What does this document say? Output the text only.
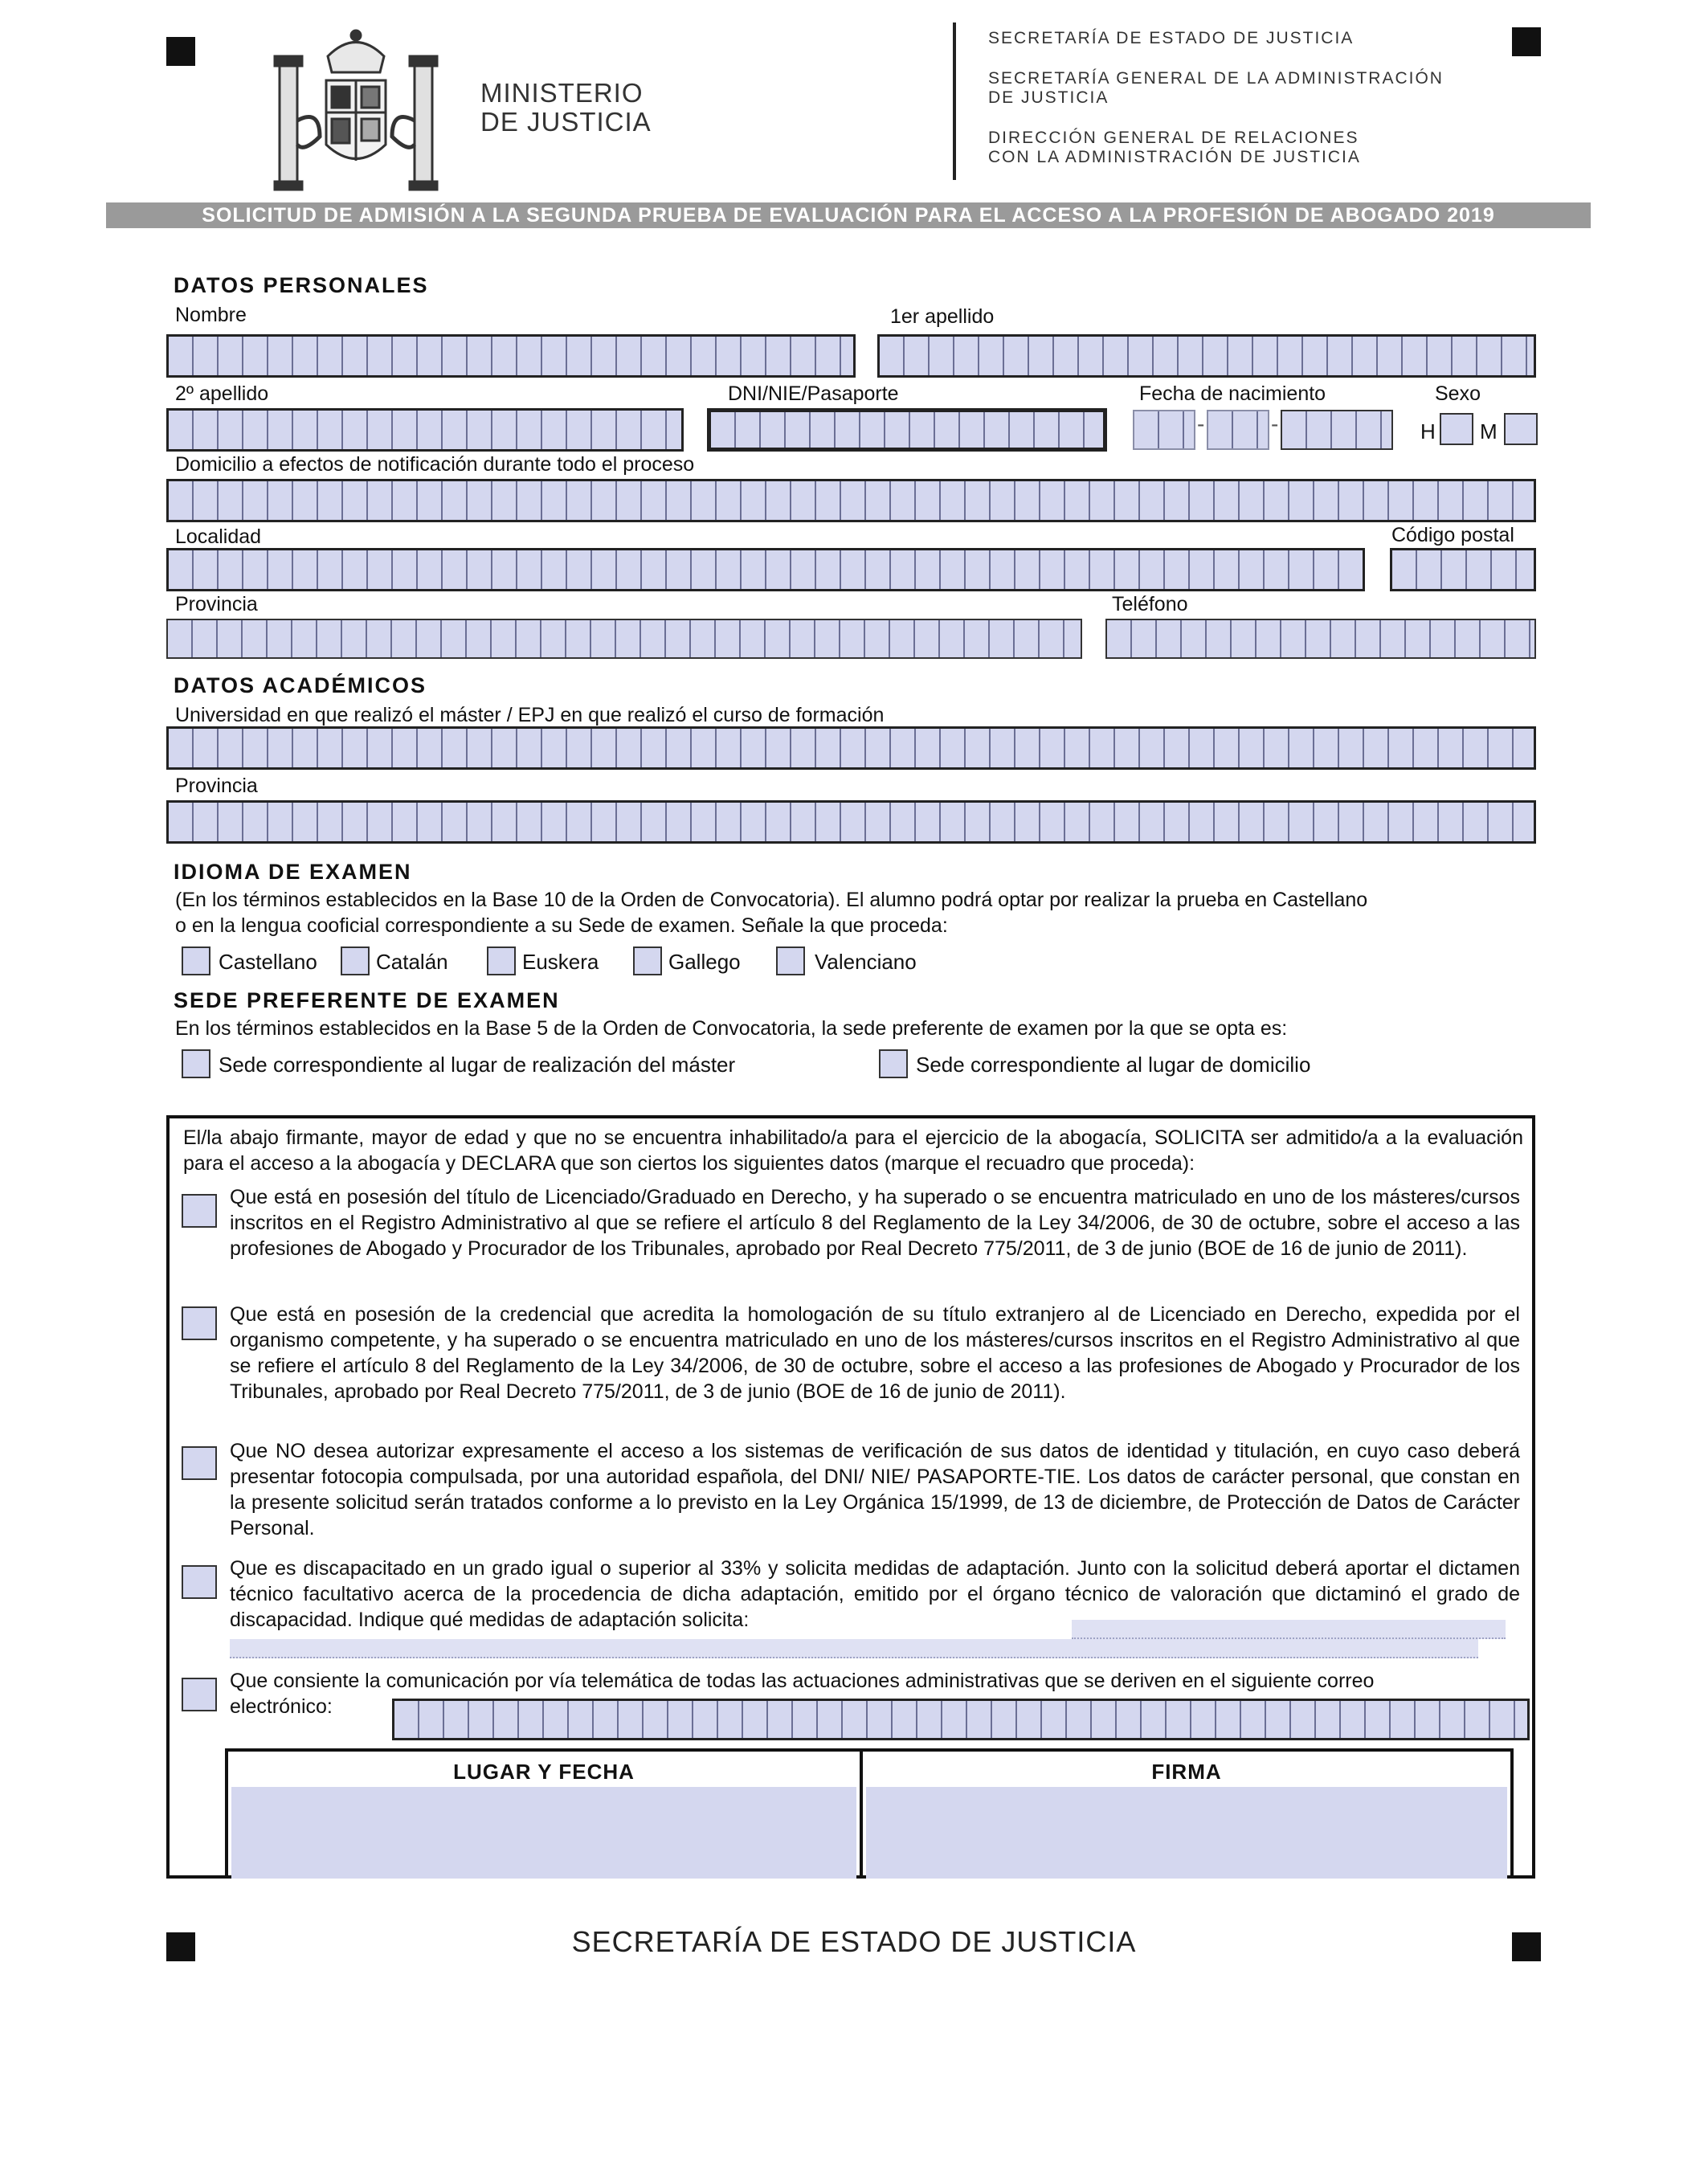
MINISTERIO
DE JUSTICIA
SECRETARÍA DE ESTADO DE JUSTICIA
SECRETARÍA GENERAL DE LA ADMINISTRACIÓN
DE JUSTICIA
DIRECCIÓN GENERAL DE RELACIONES
CON LA ADMINISTRACIÓN DE JUSTICIA
SOLICITUD DE ADMISIÓN A LA SEGUNDA PRUEBA DE EVALUACIÓN PARA EL ACCESO A LA PROFESIÓN DE ABOGADO 2019
DATOS PERSONALES
Nombre	1er apellido
2º apellido	DNI/NIE/Pasaporte	Fecha de nacimiento	Sexo
-	-	H M
Domicilio a efectos de notificación durante todo el proceso
Localidad	Código postal
Provincia	Teléfono
DATOS ACADÉMICOS
Universidad en que realizó el máster / EPJ en que realizó el curso de formación
Provincia
IDIOMA DE EXAMEN
(En los términos establecidos en la Base 10 de la Orden de Convocatoria). El alumno podrá optar por realizar la prueba en Castellano
o en la lengua cooficial correspondiente a su Sede de examen. Señale la que proceda:
Castellano	Catalán	Euskera	Gallego	Valenciano
SEDE PREFERENTE DE EXAMEN
En los términos establecidos en la Base 5 de la Orden de Convocatoria, la sede preferente de examen por la que se opta es:
Sede correspondiente al lugar de realización del máster	Sede correspondiente al lugar de domicilio
El/la abajo firmante, mayor de edad y que no se encuentra inhabilitado/a para el ejercicio de la abogacía, SOLICITA ser admitido/a a la evaluación para el acceso a la abogacía y DECLARA que son ciertos los siguientes datos (marque el recuadro que proceda):
Que está en posesión del título de Licenciado/Graduado en Derecho, y ha superado o se encuentra matriculado en uno de los másteres/cursos inscritos en el Registro Administrativo al que se refiere el artículo 8 del Reglamento de la Ley 34/2006, de 30 de octubre, sobre el acceso a las profesiones de Abogado y Procurador de los Tribunales, aprobado por Real Decreto 775/2011, de 3 de junio (BOE de 16 de junio de 2011).
Que está en posesión de la credencial que acredita la homologación de su título extranjero al de Licenciado en Derecho, expedida por el organismo competente, y ha superado o se encuentra matriculado en uno de los másteres/cursos inscritos en el Registro Administrativo al que se refiere el artículo 8 del Reglamento de la Ley 34/2006, de 30 de octubre, sobre el acceso a las profesiones de Abogado y Procurador de los Tribunales, aprobado por Real Decreto 775/2011, de 3 de junio (BOE de 16 de junio de 2011).
Que NO desea autorizar expresamente el acceso a los sistemas de verificación de sus datos de identidad y titulación, en cuyo caso deberá presentar fotocopia compulsada, por una autoridad española, del DNI/ NIE/ PASAPORTE-TIE. Los datos de carácter personal, que constan en la presente solicitud serán tratados conforme a lo previsto en la Ley Orgánica 15/1999, de 13 de diciembre, de Protección de Datos de Carácter Personal.
Que es discapacitado en un grado igual o superior al 33% y solicita medidas de adaptación. Junto con la solicitud deberá aportar el dictamen técnico facultativo acerca de la procedencia de dicha adaptación, emitido por el órgano técnico de valoración que dictaminó el grado de discapacidad. Indique qué medidas de adaptación solicita:
Que consiente la comunicación por vía telemática de todas las actuaciones administrativas que se deriven en el siguiente correo
electrónico:
LUGAR Y FECHA	FIRMA
SECRETARÍA DE ESTADO DE JUSTICIA
